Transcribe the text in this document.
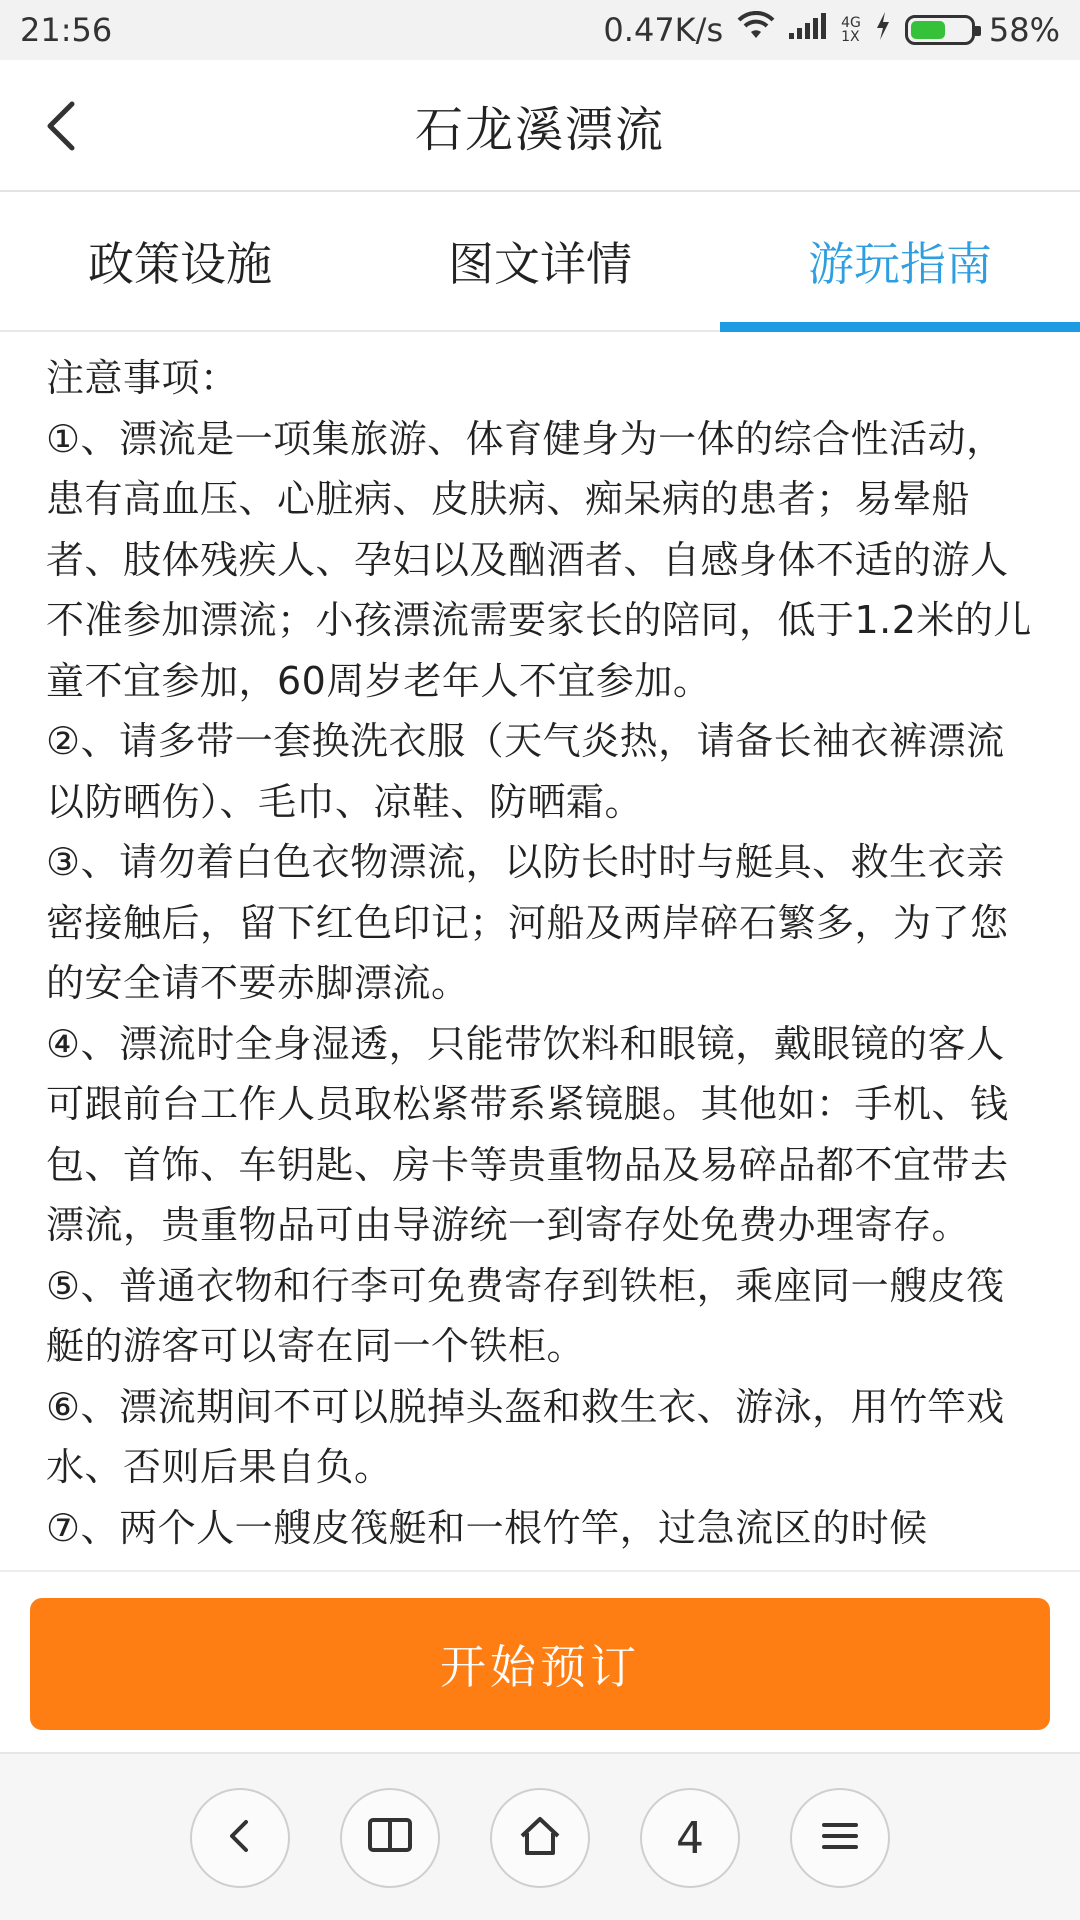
21:56	0.47K/s	4G
1X	58%
石龙溪漂流
政策设施	图文详情	游玩指南

注意事项：

①、漂流是一项集旅游、体育健身为一体的综合性活动，患有高血压、心脏病、皮肤病、痴呆病的患者；易晕船者、肢体残疾人、孕妇以及酗酒者、自感身体不适的游人不准参加漂流；小孩漂流需要家长的陪同，低于1.2米的儿童不宜参加，60周岁老年人不宜参加。

②、请多带一套换洗衣服（天气炎热，请备长袖衣裤漂流以防晒伤）、毛巾、凉鞋、防晒霜。

③、请勿着白色衣物漂流，以防长时时与艇具、救生衣亲密接触后，留下红色印记；河船及两岸碎石繁多，为了您的安全请不要赤脚漂流。

④、漂流时全身湿透，只能带饮料和眼镜，戴眼镜的客人可跟前台工作人员取松紧带系紧镜腿。其他如：手机、钱包、首饰、车钥匙、房卡等贵重物品及易碎品都不宜带去漂流，贵重物品可由导游统一到寄存处免费办理寄存。

⑤、普通衣物和行李可免费寄存到铁柜，乘座同一艘皮筏艇的游客可以寄在同一个铁柜。

⑥、漂流期间不可以脱掉头盔和救生衣、游泳，用竹竿戏水、否则后果自负。

⑦、两个人一艘皮筏艇和一根竹竿，过急流区的时候

开始预订
4
